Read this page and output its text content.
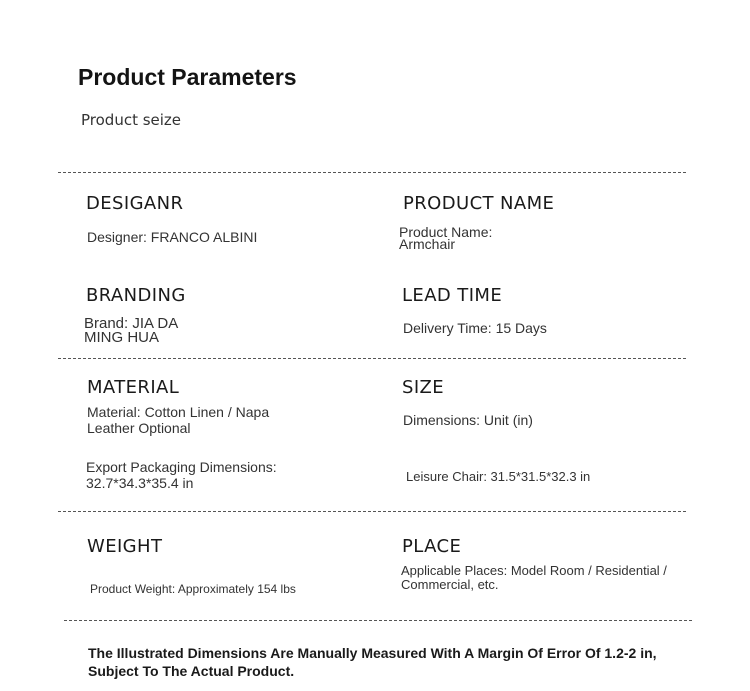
Product Parameters
Product seize
DESIGANR
Designer: FRANCO ALBINI
PRODUCT NAME
Product Name:
Armchair
BRANDING
Brand: JIA DA
MING HUA
LEAD TIME
Delivery Time: 15 Days
MATERIAL
Material: Cotton Linen / Napa Leather Optional
Export Packaging Dimensions:
32.7*34.3*35.4 in
SIZE
Dimensions: Unit (in)
Leisure Chair: 31.5*31.5*32.3 in
WEIGHT
Product Weight: Approximately 154 lbs
PLACE
Applicable Places: Model Room / Residential / Commercial, etc.
The Illustrated Dimensions Are Manually Measured With A Margin Of Error Of 1.2-2 in, Subject To The Actual Product.
